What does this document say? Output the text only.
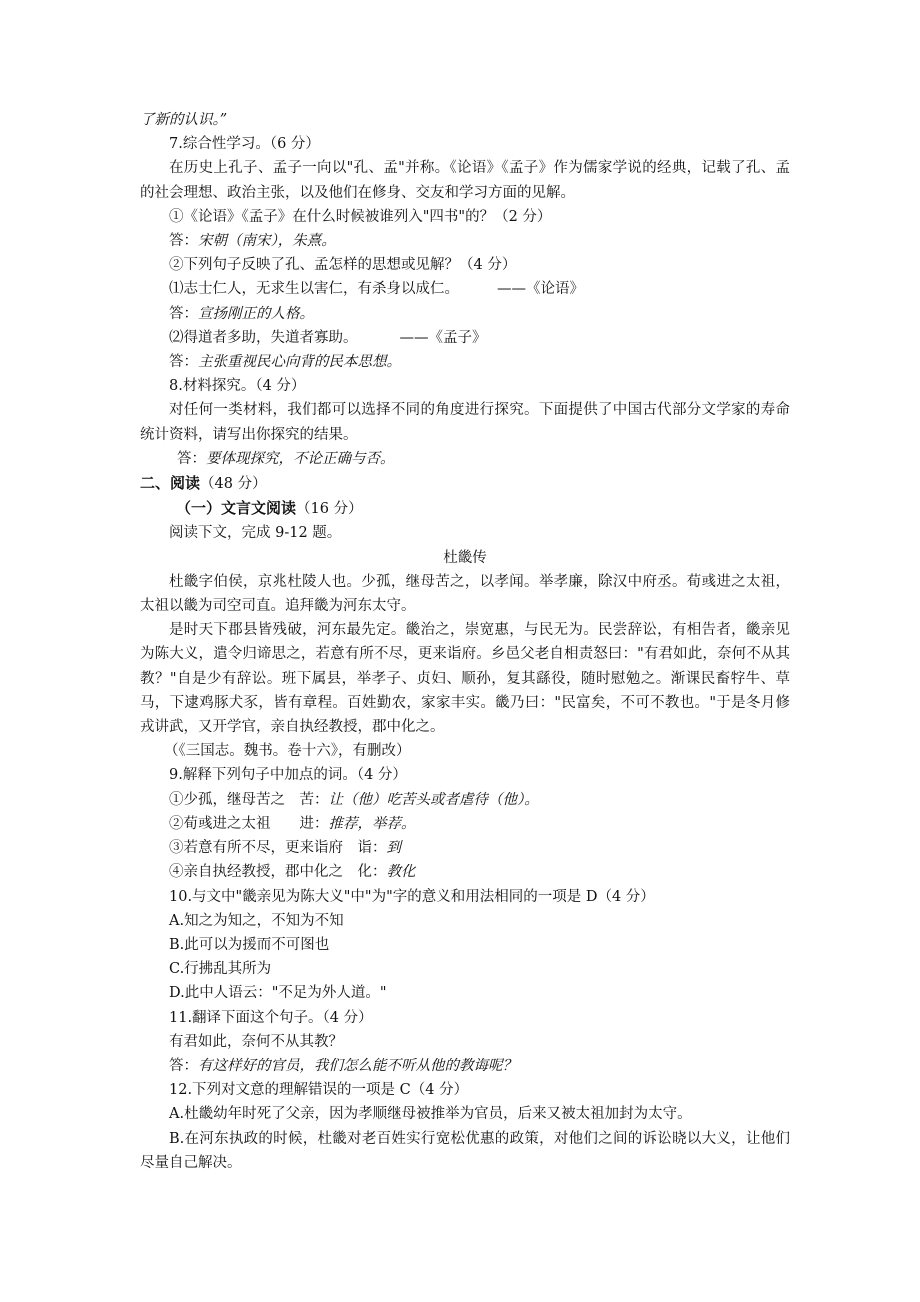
了新的认识。”
7.综合性学习。（6 分）
在历史上孔子、孟子一向以"孔、孟"并称。《论语》《孟子》作为儒家学说的经典，记载了孔、孟的社会理想、政治主张，以及他们在修身、交友和学习方面的见解。
①《论语》《孟子》在什么时候被谁列入"四书"的？（2 分）
答：宋朝（南宋），朱熹。
②下列句子反映了孔、孟怎样的思想或见解？（4 分）
⑴志士仁人，无求生以害仁，有杀身以成仁。	——《论语》
答：宣扬刚正的人格。
⑵得道者多助，失道者寡助。	——《孟子》
答：主张重视民心向背的民本思想。
8.材料探究。（4 分）
对任何一类材料，我们都可以选择不同的角度进行探究。下面提供了中国古代部分文学家的寿命统计资料，请写出你探究的结果。
答：要体现探究，不论正确与否。
二、阅读（48 分）
（一）文言文阅读（16 分）
阅读下文，完成 9-12 题。
杜畿传
杜畿字伯侯，京兆杜陵人也。少孤，继母苦之，以孝闻。举孝廉，除汉中府丞。荀彧进之太祖，太祖以畿为司空司直。追拜畿为河东太守。
是时天下郡县皆残破，河东最先定。畿治之，崇宽惠，与民无为。民尝辞讼，有相告者，畿亲见为陈大义，遣令归谛思之，若意有所不尽，更来诣府。乡邑父老自相责怒曰："有君如此，奈何不从其教？"自是少有辞讼。班下属县，举孝子、贞妇、顺孙，复其繇役，随时慰勉之。渐课民畜牸牛、草马，下逮鸡豚犬豕，皆有章程。百姓勤农，家家丰实。畿乃曰："民富矣，不可不教也。"于是冬月修戎讲武，又开学官，亲自执经教授，郡中化之。
（《三国志。魏书。卷十六》，有删改）
9.解释下列句子中加点的词。（4 分）
①少孤，继母苦之　苦：让（他）吃苦头或者虐待（他）。
②荀彧进之太祖　　进：推荐，举荐。
③若意有所不尽，更来诣府　诣：到
④亲自执经教授，郡中化之　化：教化
10.与文中"畿亲见为陈大义"中"为"字的意义和用法相同的一项是 D（4 分）
A.知之为知之，不知为不知
B.此可以为援而不可图也
C.行拂乱其所为
D.此中人语云："不足为外人道。"
11.翻译下面这个句子。（4 分）
有君如此，奈何不从其教？
答：有这样好的官员，我们怎么能不听从他的教诲呢？
12.下列对文意的理解错误的一项是 C（4 分）
A.杜畿幼年时死了父亲，因为孝顺继母被推举为官员，后来又被太祖加封为太守。
B.在河东执政的时候，杜畿对老百姓实行宽松优惠的政策，对他们之间的诉讼晓以大义，让他们尽量自己解决。
